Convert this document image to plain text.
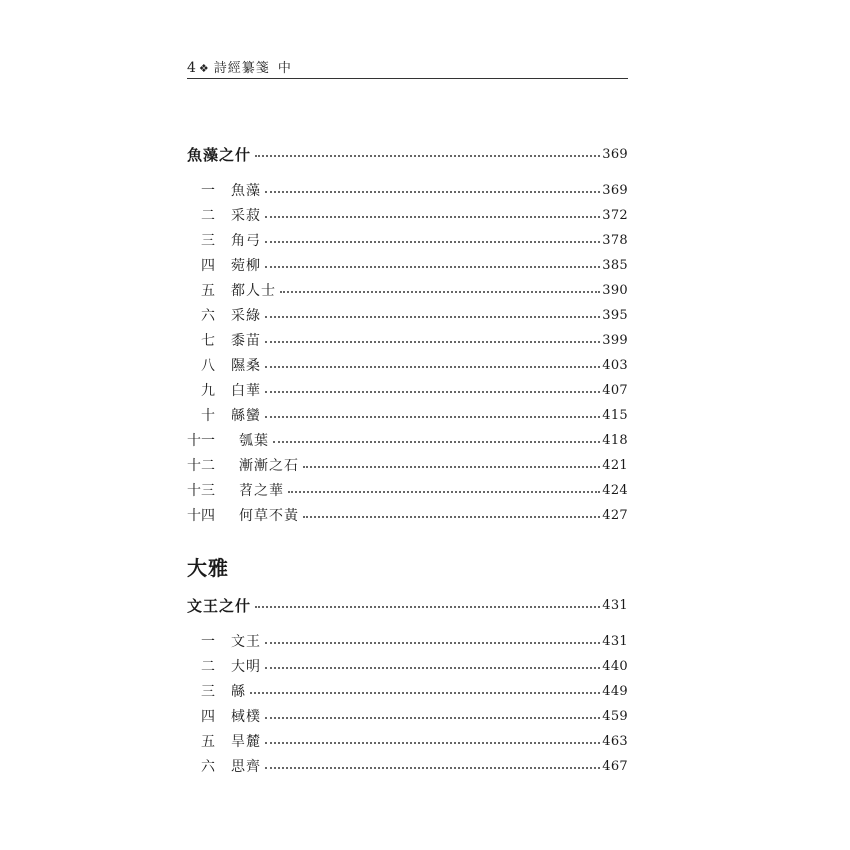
4 ❖ 詩經纂箋 中
魚藻之什	369
一	魚藻	369
二	采菽	372
三	角弓	378
四	菀柳	385
五	都人士	390
六	采綠	395
七	黍苗	399
八	隰桑	403
九	白華	407
十	緜蠻	415
十一	瓠葉	418
十二	漸漸之石	421
十三	苕之華	424
十四	何草不黃	427
大雅
文王之什	431
一	文王	431
二	大明	440
三	緜	449
四	棫樸	459
五	旱麓	463
六	思齊	467
